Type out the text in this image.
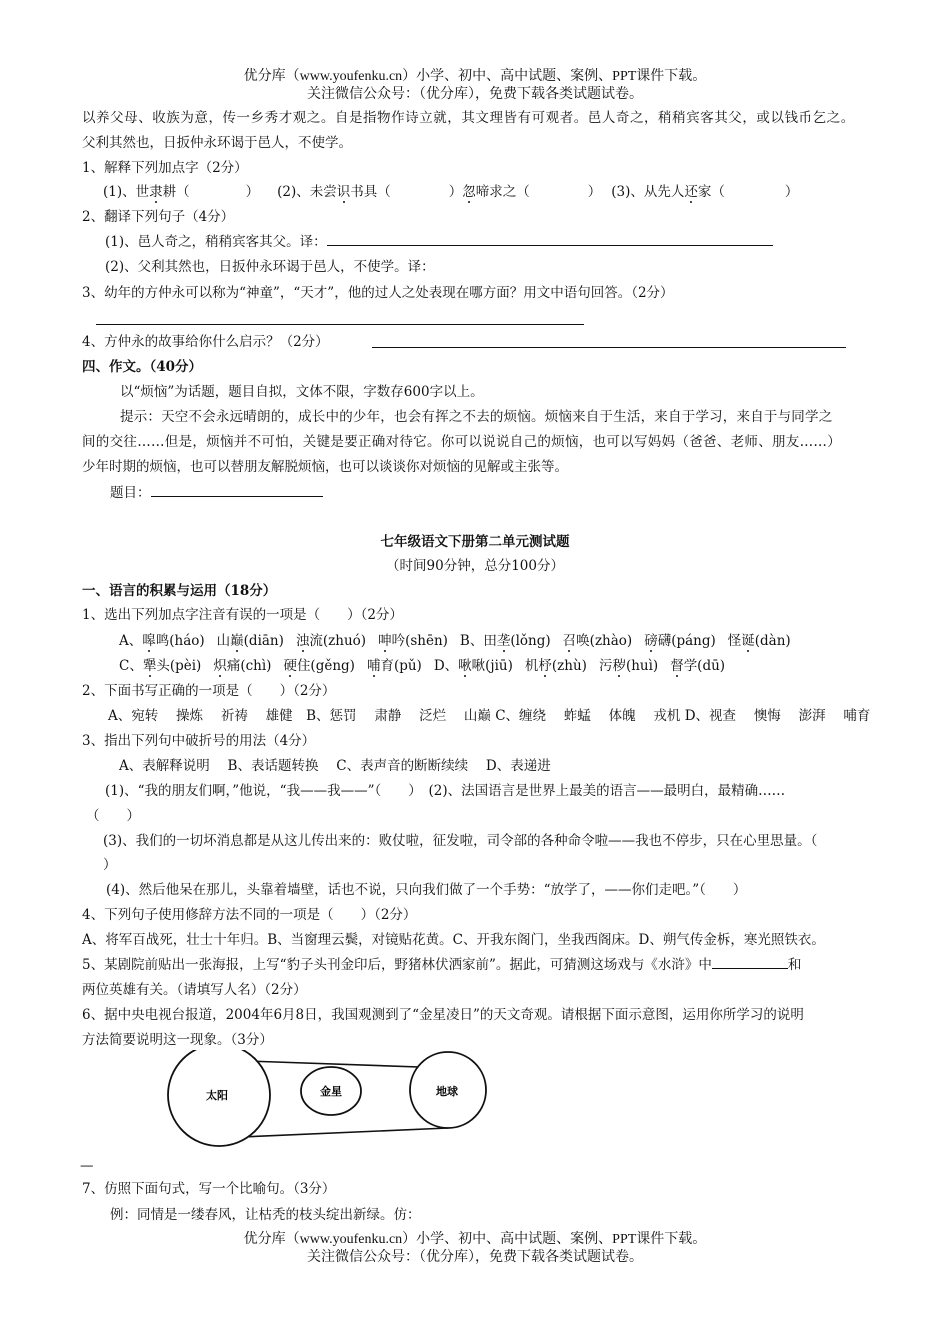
优分库（www.youfenku.cn）小学、初中、高中试题、案例、PPT课件下载。
关注微信公众号：（优分库），免费下载各类试题试卷。
以养父母、收族为意，传一乡秀才观之。自是指物作诗立就，其文理皆有可观者。邑人奇之，稍稍宾客其父，或以钱币乞之。
父利其然也，日扳仲永环谒于邑人，不使学。
1、解释下列加点字（2分）
(1)、世隶耕（	） (2)、未尝识书具（	）忽啼求之（	） (3)、从先人还家（	）
2、翻译下列句子（4分）
(1)、邑人奇之，稍稍宾客其父。译：
(2)、父利其然也，日扳仲永环谒于邑人，不使学。译：
3、幼年的方仲永可以称为“神童”，“天才”，他的过人之处表现在哪方面？用文中语句回答。（2分）
4、方仲永的故事给你什么启示？（2分）
四、作文。（40分）
以“烦恼”为话题，题目自拟，文体不限，字数存600字以上。
提示：天空不会永远晴朗的，成长中的少年，也会有挥之不去的烦恼。烦恼来自于生活，来自于学习，来自于与同学之
间的交往……但是，烦恼并不可怕，关键是要正确对待它。你可以说说自己的烦恼，也可以写妈妈（爸爸、老师、朋友……）
少年时期的烦恼，也可以替朋友解脱烦恼，也可以谈谈你对烦恼的见解或主张等。
题目：
七年级语文下册第二单元测试题
（时间90分钟，总分100分）
一、语言的积累与运用（18分）
1、选出下列加点字注音有误的一项是（　　）（2分）
A、嗥鸣(háo) 山巅(diān) 浊流(zhuó) 呻吟(shēn) B、田垄(lǒng) 召唤(zhào) 磅礴(páng) 怪诞(dàn)
C、犟头(pèi) 炽痛(chì) 硬住(gěng) 哺育(pǔ) D、啾啾(jiū) 机杼(zhù) 污秽(huì) 督学(dū)
2、下面书写正确的一项是（　　）（2分）
A、宛转　 操炼　 祈祷　 雄健　B、惩罚　 肃静　 泛烂　 山巅 C、缠绕　 蚱蜢　 体魄　 戎机 D、视查　 懊悔　 澎湃　 哺育
3、指出下列句中破折号的用法（4分）
A、表解释说明　 B、表话题转换　 C、表声音的断断续续　 D、表递进
(1)、“我的朋友们啊，”他说，“我——我——”（　　）　(2)、法国语言是世界上最美的语言——最明白，最精确……
（　　）
(3)、我们的一切坏消息都是从这儿传出来的：败仗啦，征发啦，司令部的各种命令啦——我也不停步，只在心里思量。（
）
(4)、然后他呆在那儿，头靠着墙壁，话也不说，只向我们做了一个手势：“放学了，——你们走吧。”（　　）
4、下列句子使用修辞方法不同的一项是（　　）（2分）
A、将军百战死，壮士十年归。B、当窗理云鬓，对镜贴花黄。C、开我东阁门，坐我西阁床。D、朔气传金柝，寒光照铁衣。
5、某剧院前贴出一张海报，上写“豹子头刊金印后，野猪林伏洒家前”。据此，可猜测这场戏与《水浒》中	和
两位英雄有关。（请填写人名）（2分）
6、据中央电视台报道，2004年6月8日，我国观测到了“金星凌日”的天文奇观。请根据下面示意图，运用你所学习的说明
方法简要说明这一现象。（3分）
太阳	金星	地球
—
7、仿照下面句式，写一个比喻句。（3分）
例：同情是一缕春风，让枯秃的枝头绽出新绿。仿：
优分库（www.youfenku.cn）小学、初中、高中试题、案例、PPT课件下载。
关注微信公众号：（优分库），免费下载各类试题试卷。
